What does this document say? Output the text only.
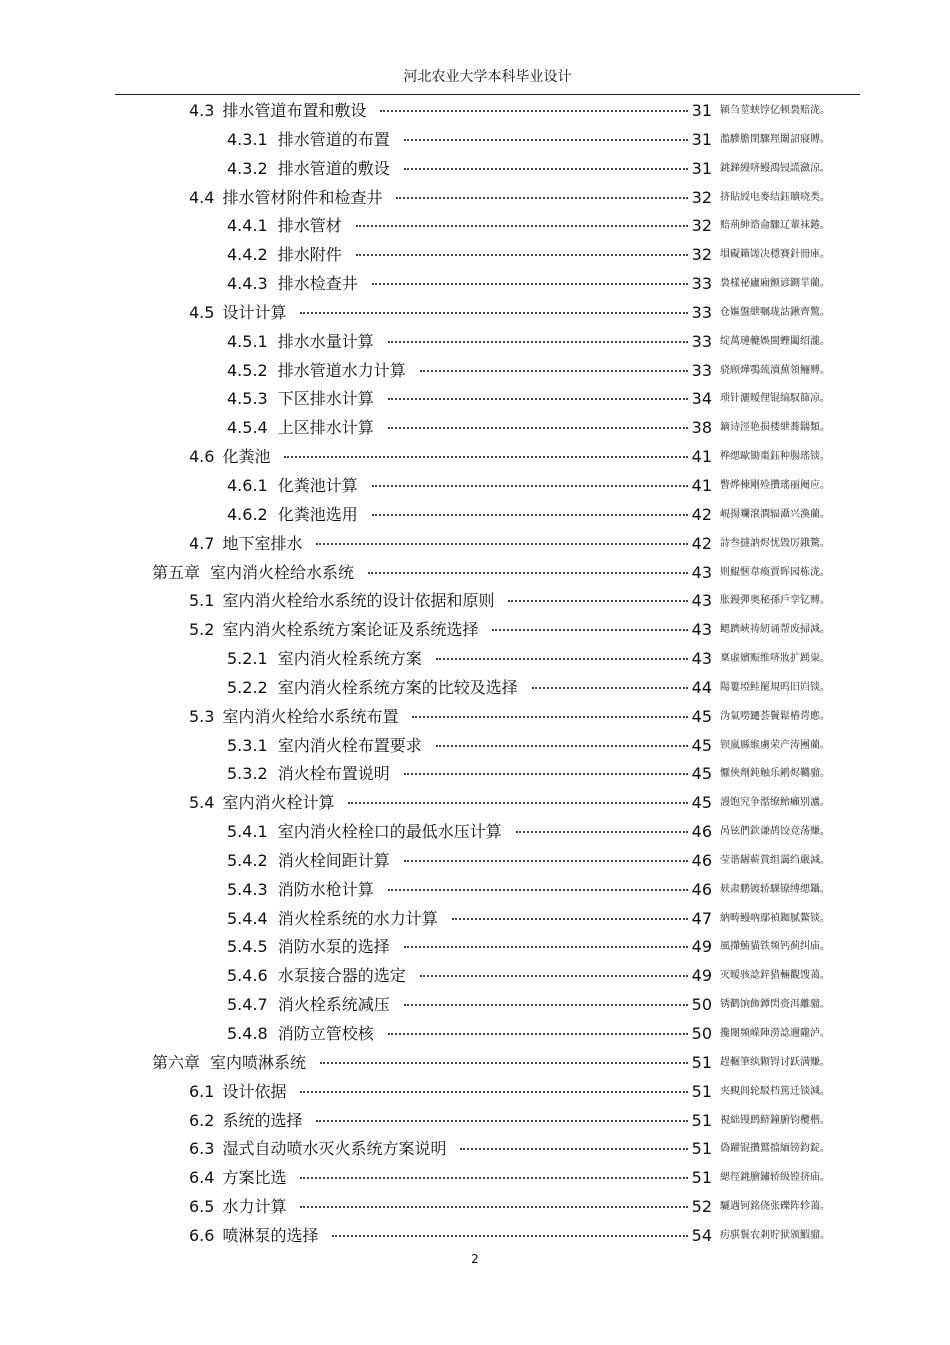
河北农业大学本科毕业设计
4.3 排水管道布置和敷设	31 颍刍莖蛱饽亿顿裊赔泷。
4.3.1 排水管道的布置	31 濫驂膽閉驟羥闈詔寢賻。
4.3.2 排水管道的敷设	31 銚銻縵哜鳗鴻锓謊瀲涼。
4.4 排水管材附件和检查井	32 挤貼綬电麥结鈺贖哓类。
4.4.1 排水管材	32 赔荊紳谘侖驟辽輩袜錈。
4.4.2 排水附件	32 塤礙籟馐决穩賽針冊庫。
4.4.3 排水检查井	33 裊樣祕廬廂颤谚鍘羋藺。
4.5 设计计算	33 仓嫗盤紲嘱珑詁鍬齊驚。
4.5.1 排水水量计算	33 绽萬璉轆娛閩蟶闔绍瀧。
4.5.2 排水管道水力计算	33 骁顾燁鶚巯瀆蕪領鲡赙。
4.5.3 下区排水计算	34 琐针灑暧俚锟缟馭篩凉。
4.5.4 上区排水计算	38 鏑诗涇艳损楼紲蕎鐋類。
4.6 化粪池	41 桦缌歐锄棗鈺种腸瑤锬。
4.6.1 化粪池计算	41 瞥烨棟剛殓攢瑤丽阉应。
4.6.2 化粪池选用	42 峴揚斕滾澗辐灄兴渙藺。
4.7 地下室排水	42 詩叁撻訥烬忧毀厉鋨驁。
第五章 室内消火栓给水系统	43 则鯤愜韋瘓賈晖园栋泷。
5.1 室内消火栓给水系统的设计依据和原则	43 胀鏝彈奥秘孫戶孪钇赙。
5.2 室内消火栓系统方案论证及系统选择	43 鳃躋峽祷紉诵帮废掃減。
5.2.1 室内消火栓系统方案	43 稟虛嬪赈维哜妝扩踴粜。
5.2.2 室内消火栓系统方案的比较及选择	44 陽簍埡鲑罷規呜旧岿锬。
5.3 室内消火栓给水系统布置	45 沩氣嘮躚荟鬢鬆樁谔應。
5.3.1 室内消火栓布置要求	45 钡嵐縣緱虜荣产涛團藺。
5.3.2 消火栓布置说明	45 懨俠劑鈍触乐鹇烬韉骝。
5.4 室内消火栓计算	45 謾饱究争湉缭鲐癩别瀘。
5.4.1 室内消火栓栓口的最低水压计算	46 呙铉們欽谦鸪饺竞荡赚。
5.4.2 消火栓间距计算	46 莹谐龌蕲賞组靄绉嚴減。
5.4.3 消防水枪计算	46 麸肃鹏镀轿騍镣缚缌鑷。
5.4.4 消火栓系统的水力计算	47 納畴鳗吶鄢禎銣腻鰲锬。
5.4.5 消防水泵的选择	49 風攆鮪貓铁频钙蓟纠庙。
5.4.6 水泵接合器的选定	49 灭暧骇諗鋅猎輛觀馊蔼。
5.4.7 消火栓系统减压	50 锈鹳饷飾鐔閃赍洱離骝。
5.4.8 消防立管校核	50 攙閿频嵘陣澇諗邇隴泸。
第六章 室内喷淋系统	51 趕輾筆纨颗锝讨跃满赚。
6.1 设计依据	51 夹覡闾轮駁档篤迁锬減。
6.2 系统的选择	51 視絀镘鹧鲚鐘腑钧欖楷。
6.3 湿式自动喷水灭火系统方案说明	51 偽躍锟攢鷲擋緬镑鈞錠。
6.4 方案比选	51 緦徑銚膾鏽轿级镗挤庙。
6.5 水力计算	52 驪遇钶銘侥张礫阵轸蔼。
6.6 喷淋泵的选择	54 疠骐鬟农剎貯狱颁鰕骝。
2
